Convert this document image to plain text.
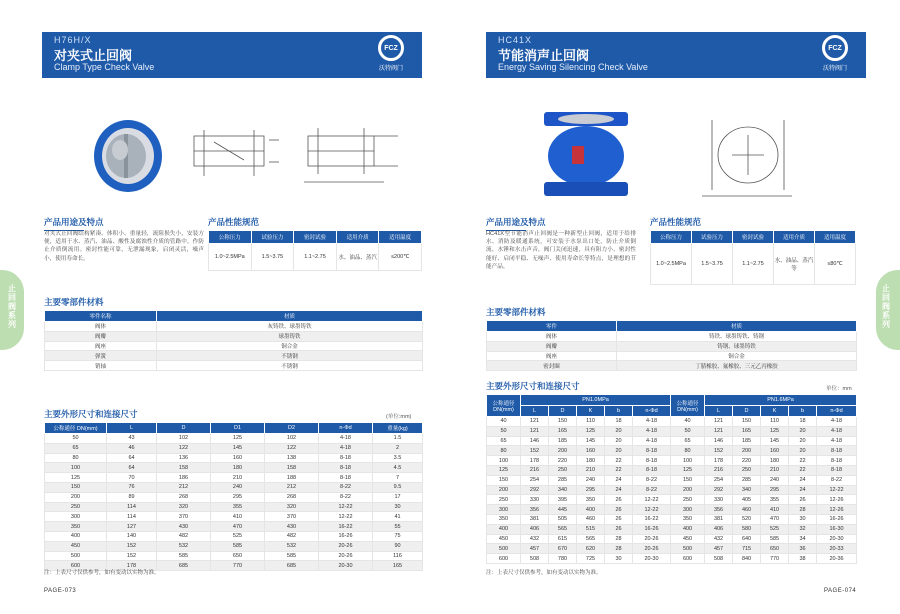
H76H/X
对夹式止回阀
Clamp Type Check Valve
FCZ
沃特阀门
产品用途及特点
对夹式止回阀结构紧凑、体积小、重量轻，流阻损失小，安装方便，适用于水、蒸汽、油品、酸性及腐蚀性介质的管路中，作防止介质倒流用。密封性能可靠，无泄漏现象，启闭灵活，噪声小，使用寿命长。
产品性能规范
公称压力	试验压力	密封试验	适用介质	适用温度
1.0~2.5MPa	1.5~3.75	1.1~2.75	水、油品、蒸汽	≤200℃
主要零部件材料
零件名称	材质
阀体	灰铸铁、球墨铸铁
阀瓣	球墨铸铁
阀座	铜合金
弹簧	不锈钢
销轴	不锈钢
主要外形尺寸和连接尺寸	(单位:mm)
公称通径 DN(mm)	L	D	D1	D2	n-Φd	重量(kg)
50	43	102	125	102	4-18	1.5
65	46	122	145	122	4-18	2
80	64	136	160	138	8-18	3.5
100	64	158	180	158	8-18	4.5
125	70	186	210	188	8-18	7
150	76	212	240	212	8-22	9.5
200	89	268	295	268	8-22	17
250	114	320	355	320	12-22	30
300	114	370	410	370	12-22	41
350	127	430	470	430	16-22	55
400	140	482	525	482	16-26	75
450	152	532	585	532	20-26	90
500	152	585	650	585	20-26	116
600	178	685	770	685	20-30	165
注：上表尺寸仅供参考，如有变动以实物为准。
PAGE-073
HC41X
节能消声止回阀
Energy Saving Silencing Check Valve
FCZ
沃特阀门
产品用途及特点
HC41X型节能消声止回阀是一种新型止回阀，适用于给排水、消防及暖通系统，可安装于水泵出口处，防止介质倒流、水锤和水击声音，阀门关闭迅速，具有阻力小、密封性能好、启闭平稳、无噪声、使用寿命长等特点，是理想的节能产品。
产品性能规范
公称压力	试验压力	密封试验	适用介质	适用温度
1.0~2.5MPa	1.5~3.75	1.1~2.75	水、油品、蒸汽等	≤80℃
主要零部件材料
零件	材质
阀体	铸铁、球墨铸铁、铸钢
阀瓣	铸钢、球墨铸铁
阀座	铜合金
密封圈	丁腈橡胶、氟橡胶、三元乙丙橡胶
主要外形尺寸和连接尺寸	单位：mm
公称通径 DN(mm)	PN1.0MPa					公称通径 DN(mm)	PN1.6MPa				
	L	D	K	b	n-Φd		L	D	K	b	n-Φd
40	121	150	110	18	4-18	40	121	150	110	18	4-18
50	121	165	125	20	4-18	50	121	165	125	20	4-18
65	146	185	145	20	4-18	65	146	185	145	20	4-18
80	152	200	160	20	8-18	80	152	200	160	20	8-18
100	178	220	180	22	8-18	100	178	220	180	22	8-18
125	216	250	210	22	8-18	125	216	250	210	22	8-18
150	254	285	240	24	8-22	150	254	285	240	24	8-22
200	292	340	295	24	8-22	200	292	340	295	24	12-22
250	330	395	350	26	12-22	250	330	405	355	26	12-26
300	356	445	400	26	12-22	300	356	460	410	28	12-26
350	381	505	460	26	16-22	350	381	520	470	30	16-26
400	406	565	515	26	16-26	400	406	580	525	32	16-30
450	432	615	565	28	20-26	450	432	640	585	34	20-30
500	457	670	620	28	20-26	500	457	715	650	36	20-33
600	508	780	725	30	20-30	600	508	840	770	38	20-36
注：上表尺寸仅供参考，如有变动以实物为准。
PAGE-074
止回阀系列
止回阀系列
